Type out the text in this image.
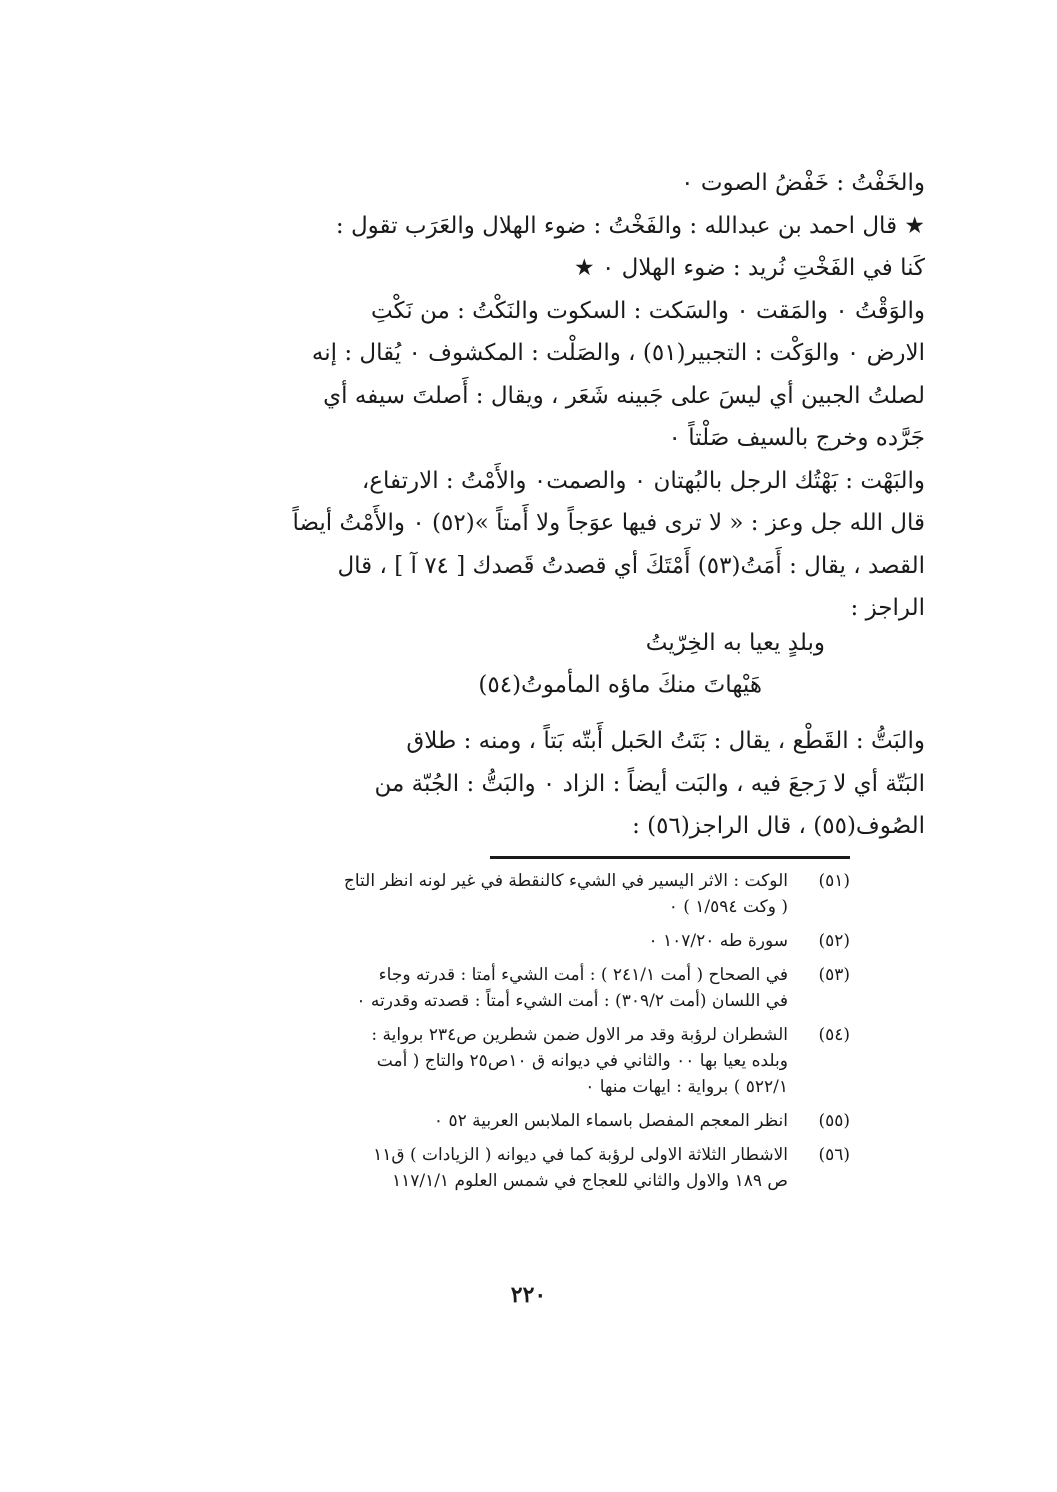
والخَفْتُ : خَفْضُ الصوت ٠
★ قال احمد بن عبدالله : والفَخْتُ : ضوء الهلال والعَرَب تقول :
كَنا في الفَخْتِ نُريد : ضوء الهلال ٠ ★
والوَقْتُ ٠ والمَقت ٠ والسَكت : السكوت والنَكْتُ : من نَكْتِ
الارض ٠ والوَكْت : التجبير(٥١) ، والصَلْت : المكشوف ٠ يُقال : إنه
لصلتُ الجبين أي ليسَ على جَبينه شَعَر ، ويقال : أَصلتَ سيفه أي
جَرَّده وخرج بالسيف صَلْتاً ٠
والبَهْت : بَهْتُك الرجل بالبُهتان ٠ والصمت٠ والأَمْتُ : الارتفاع،
قال الله جل وعز : « لا ترى فيها عوَجاً ولا أَمتاً »(٥٢) ٠ والأَمْتُ أيضاً
القصد ، يقال : أَمَتُ(٥٣) أَمْتَكَ أي قصدتُ قَصدك [ ٧٤ آ ] ، قال
الراجز :
وبلدٍ يعيا به الخِرّيتُ
هَيْهاتَ منكَ ماؤه المأموتُ(٥٤)
والبَتُّ : القَطْع ، يقال : بَتَتُ الحَبل أَبتّه بَتاً ، ومنه : طلاق
البَتّة أي لا رَجعَ فيه ، والبَت أيضاً : الزاد ٠ والبَتُّ : الجُبّة من
الصُوف(٥٥) ، قال الراجز(٥٦) :
(٥١)
الوكت : الاثر اليسير في الشيء كالنقطة في غير لونه انظر التاج
( وكت ١/٥٩٤ ) ٠
(٥٢)
سورة طه ١٠٧/٢٠ ٠
(٥٣)
في الصحاح ( أمت ٢٤١/١ ) : أمت الشيء أمتا : قدرته وجاء
في اللسان (أمت ٣٠٩/٢) : أمت الشيء أمتاً : قصدته وقدرته ٠
(٥٤)
الشطران لرؤبة وقد مر الاول ضمن شطرين ص٢٣٤ برواية :
وبلده يعيا بها ٠٠ والثاني في ديوانه ق ١٠ص٢٥ والتاج ( أمت
٥٢٢/١ ) برواية : ايهات منها ٠
(٥٥)
انظر المعجم المفصل باسماء الملابس العربية ٥٢ ٠
(٥٦)
الاشطار الثلاثة الاولى لرؤبة كما في ديوانه ( الزيادات ) ق١١
ص ١٨٩ والاول والثاني للعجاج في شمس العلوم ١١٧/١/١
٢٢٠
